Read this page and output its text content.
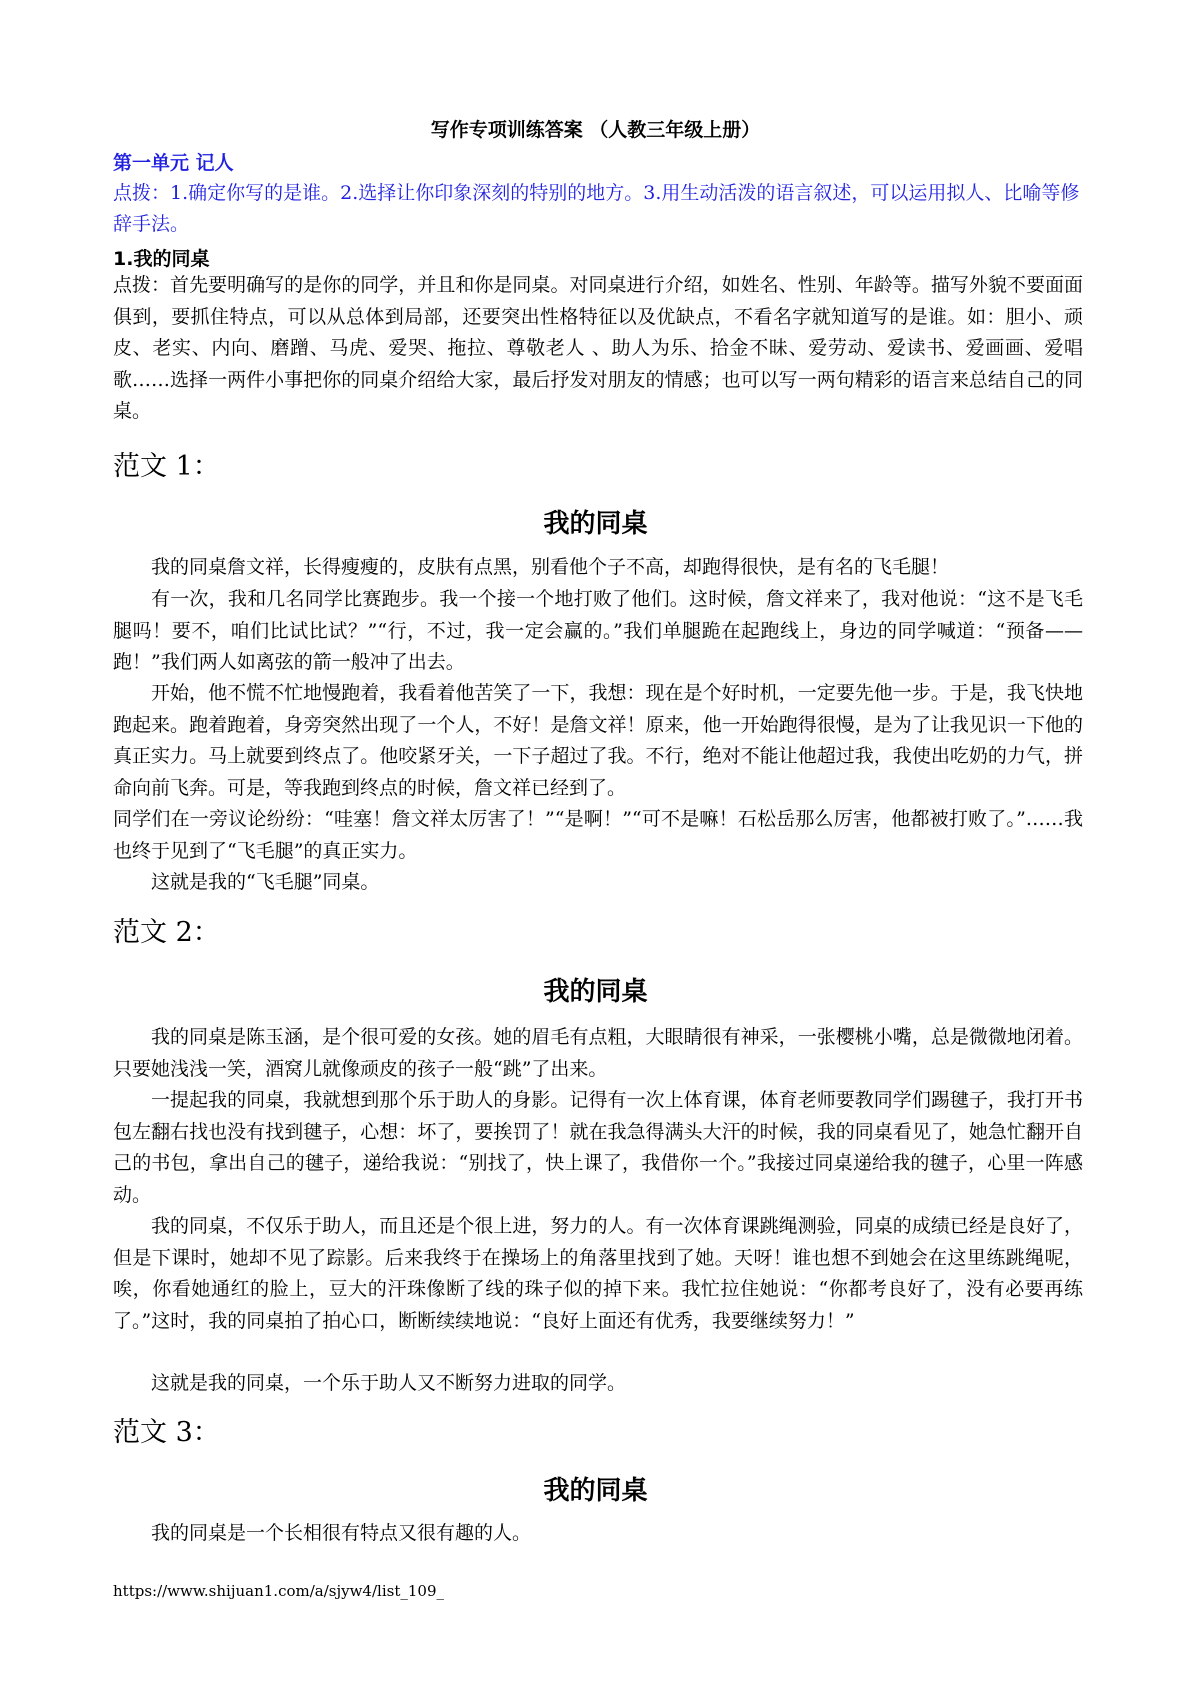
写作专项训练答案 （人教三年级上册）
第一单元 记人
点拨：1.确定你写的是谁。2.选择让你印象深刻的特别的地方。3.用生动活泼的语言叙述，可以运用拟人、比喻等修辞手法。
1.我的同桌
点拨：首先要明确写的是你的同学，并且和你是同桌。对同桌进行介绍，如姓名、性别、年龄等。描写外貌不要面面俱到，要抓住特点，可以从总体到局部，还要突出性格特征以及优缺点，不看名字就知道写的是谁。如：胆小、顽皮、老实、内向、磨蹭、马虎、爱哭、拖拉、尊敬老人 、助人为乐、拾金不昧、爱劳动、爱读书、爱画画、爱唱歌……选择一两件小事把你的同桌介绍给大家，最后抒发对朋友的情感；也可以写一两句精彩的语言来总结自己的同桌。
范文 1：
我的同桌

我的同桌詹文祥，长得瘦瘦的，皮肤有点黑，别看他个子不高，却跑得很快，是有名的飞毛腿！

有一次，我和几名同学比赛跑步。我一个接一个地打败了他们。这时候，詹文祥来了，我对他说：“这不是飞毛腿吗！要不，咱们比试比试？”“行，不过，我一定会赢的。”我们单腿跪在起跑线上，身边的同学喊道：“预备——跑！”我们两人如离弦的箭一般冲了出去。

开始，他不慌不忙地慢跑着，我看着他苦笑了一下，我想：现在是个好时机，一定要先他一步。于是，我飞快地跑起来。跑着跑着，身旁突然出现了一个人，不好！是詹文祥！原来，他一开始跑得很慢，是为了让我见识一下他的真正实力。马上就要到终点了。他咬紧牙关，一下子超过了我。不行，绝对不能让他超过我，我使出吃奶的力气，拼命向前飞奔。可是，等我跑到终点的时候，詹文祥已经到了。

同学们在一旁议论纷纷：“哇塞！詹文祥太厉害了！”“是啊！”“可不是嘛！石松岳那么厉害，他都被打败了。”……我也终于见到了“飞毛腿”的真正实力。

这就是我的“飞毛腿”同桌。

范文 2：
我的同桌

我的同桌是陈玉涵，是个很可爱的女孩。她的眉毛有点粗，大眼睛很有神采，一张樱桃小嘴，总是微微地闭着。只要她浅浅一笑，酒窝儿就像顽皮的孩子一般“跳”了出来。

一提起我的同桌，我就想到那个乐于助人的身影。记得有一次上体育课，体育老师要教同学们踢毽子，我打开书包左翻右找也没有找到毽子，心想：坏了，要挨罚了！就在我急得满头大汗的时候，我的同桌看见了，她急忙翻开自己的书包，拿出自己的毽子，递给我说：“别找了，快上课了，我借你一个。”我接过同桌递给我的毽子，心里一阵感动。

我的同桌，不仅乐于助人，而且还是个很上进，努力的人。有一次体育课跳绳测验，同桌的成绩已经是良好了，但是下课时，她却不见了踪影。后来我终于在操场上的角落里找到了她。天呀！谁也想不到她会在这里练跳绳呢，唉，你看她通红的脸上，豆大的汗珠像断了线的珠子似的掉下来。我忙拉住她说：“你都考良好了，没有必要再练了。”这时，我的同桌拍了拍心口，断断续续地说：“良好上面还有优秀，我要继续努力！”

这就是我的同桌，一个乐于助人又不断努力进取的同学。

范文 3：
我的同桌

我的同桌是一个长相很有特点又很有趣的人。

https://www.shijuan1.com/a/sjyw4/list_109_
